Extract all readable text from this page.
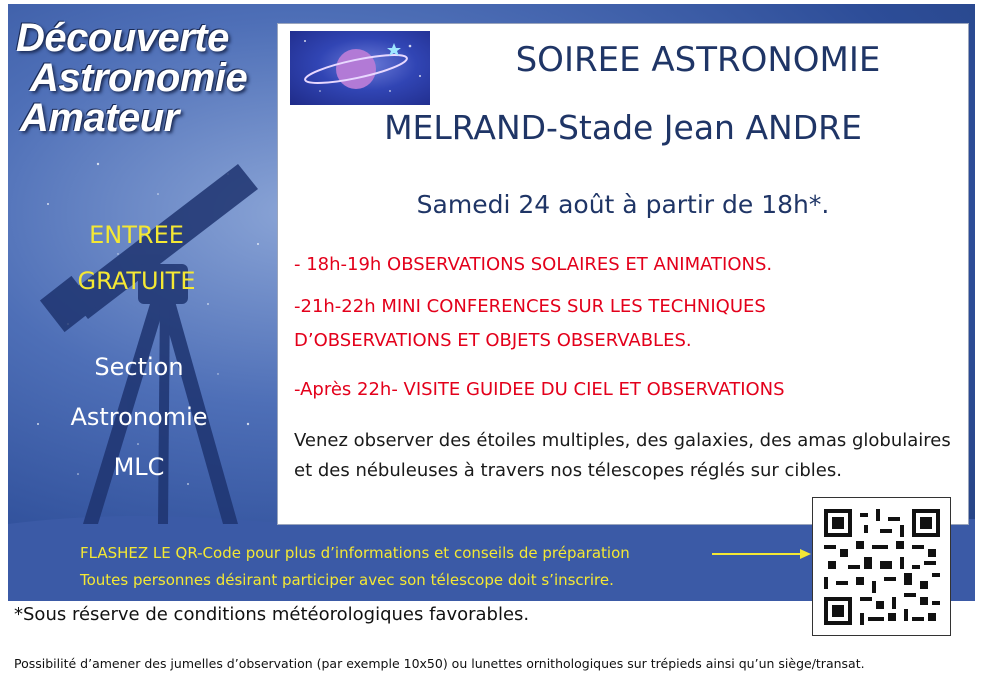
Découverte
Astronomie
Amateur
ENTREE
GRATUITE
Section
Astronomie
MLC
SOIREE ASTRONOMIE
MELRAND-Stade Jean ANDRE
Samedi 24 août à partir de 18h*.
- 18h-19h OBSERVATIONS SOLAIRES ET ANIMATIONS.
-21h-22h MINI CONFERENCES SUR LES TECHNIQUES
D’OBSERVATIONS ET OBJETS OBSERVABLES.
-Après 22h- VISITE GUIDEE DU CIEL ET OBSERVATIONS
Venez observer des étoiles multiples, des galaxies, des amas globulaires et des nébuleuses à travers nos télescopes réglés sur cibles.
FLASHEZ LE QR-Code pour plus d’informations et conseils de préparation
Toutes personnes désirant participer avec son télescope doit s’inscrire.
*Sous réserve de conditions météorologiques favorables.
Possibilité d’amener des jumelles d’observation (par exemple 10x50) ou lunettes ornithologiques sur trépieds ainsi qu’un siège/transat.
